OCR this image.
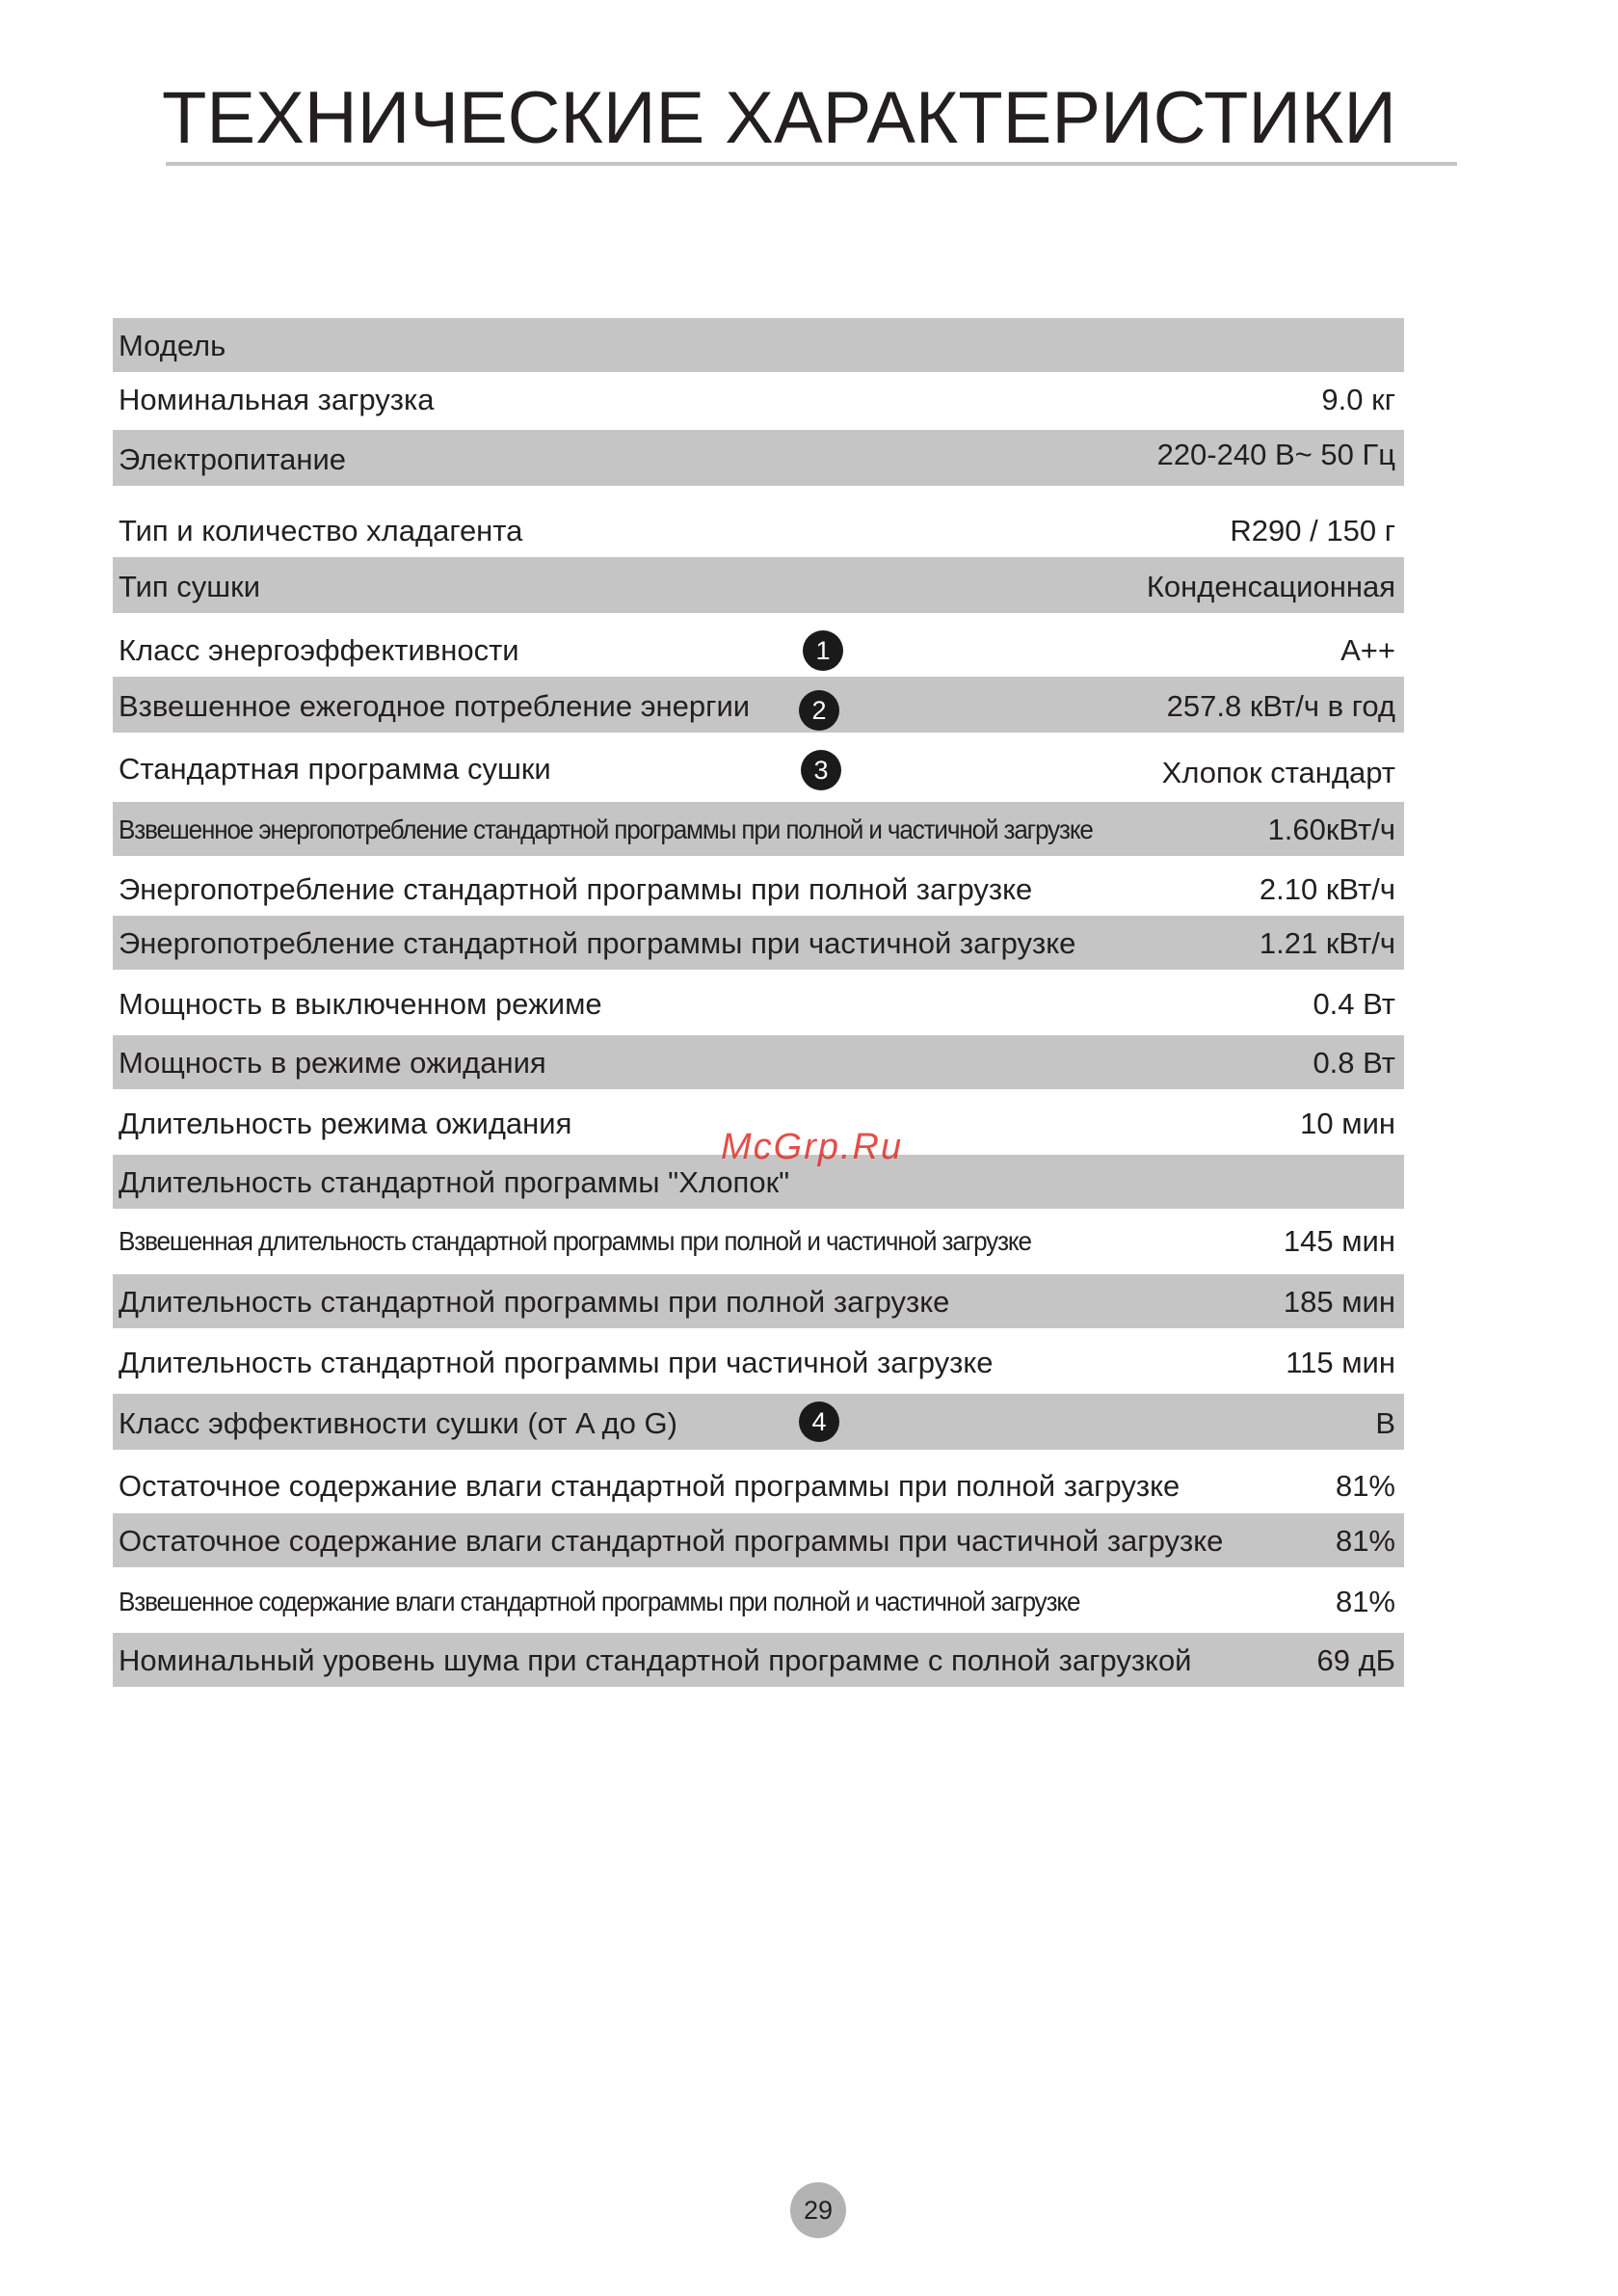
ТЕХНИЧЕСКИЕ ХАРАКТЕРИСТИКИ
Модель
Номинальная загрузка	9.0 кг
Электропитание	220-240 В~ 50 Гц
Тип и количество хладагента	R290 / 150 г
Тип сушки	Конденсационная
Класс энергоэффективности	1	A++
Взвешенное ежегодное потребление энергии	2	257.8 кВт/ч в год
Стандартная программа сушки	3	Хлопок стандарт
Взвешенное энергопотребление стандартной программы при полной и частичной загрузке	1.60кВт/ч
Энергопотребление стандартной программы при полной загрузке	2.10 кВт/ч
Энергопотребление стандартной программы при частичной загрузке	1.21 кВт/ч
Мощность в выключенном режиме	0.4 Вт
Мощность в режиме ожидания	0.8 Вт
Длительность режима ожидания	10 мин
Длительность стандартной программы "Хлопок"
Взвешенная длительность стандартной программы при полной и частичной загрузке	145 мин
Длительность стандартной программы при полной загрузке	185 мин
Длительность стандартной программы при частичной загрузке	115 мин
Класс эффективности сушки (от A до G)	4	B
Остаточное содержание влаги стандартной программы при полной загрузке	81%
Остаточное содержание влаги стандартной программы при частичной загрузке	81%
Взвешенное содержание влаги стандартной программы при полной и частичной загрузке	81%
Номинальный уровень шума при стандартной программе с полной загрузкой	69 дБ
McGrp.Ru
29
